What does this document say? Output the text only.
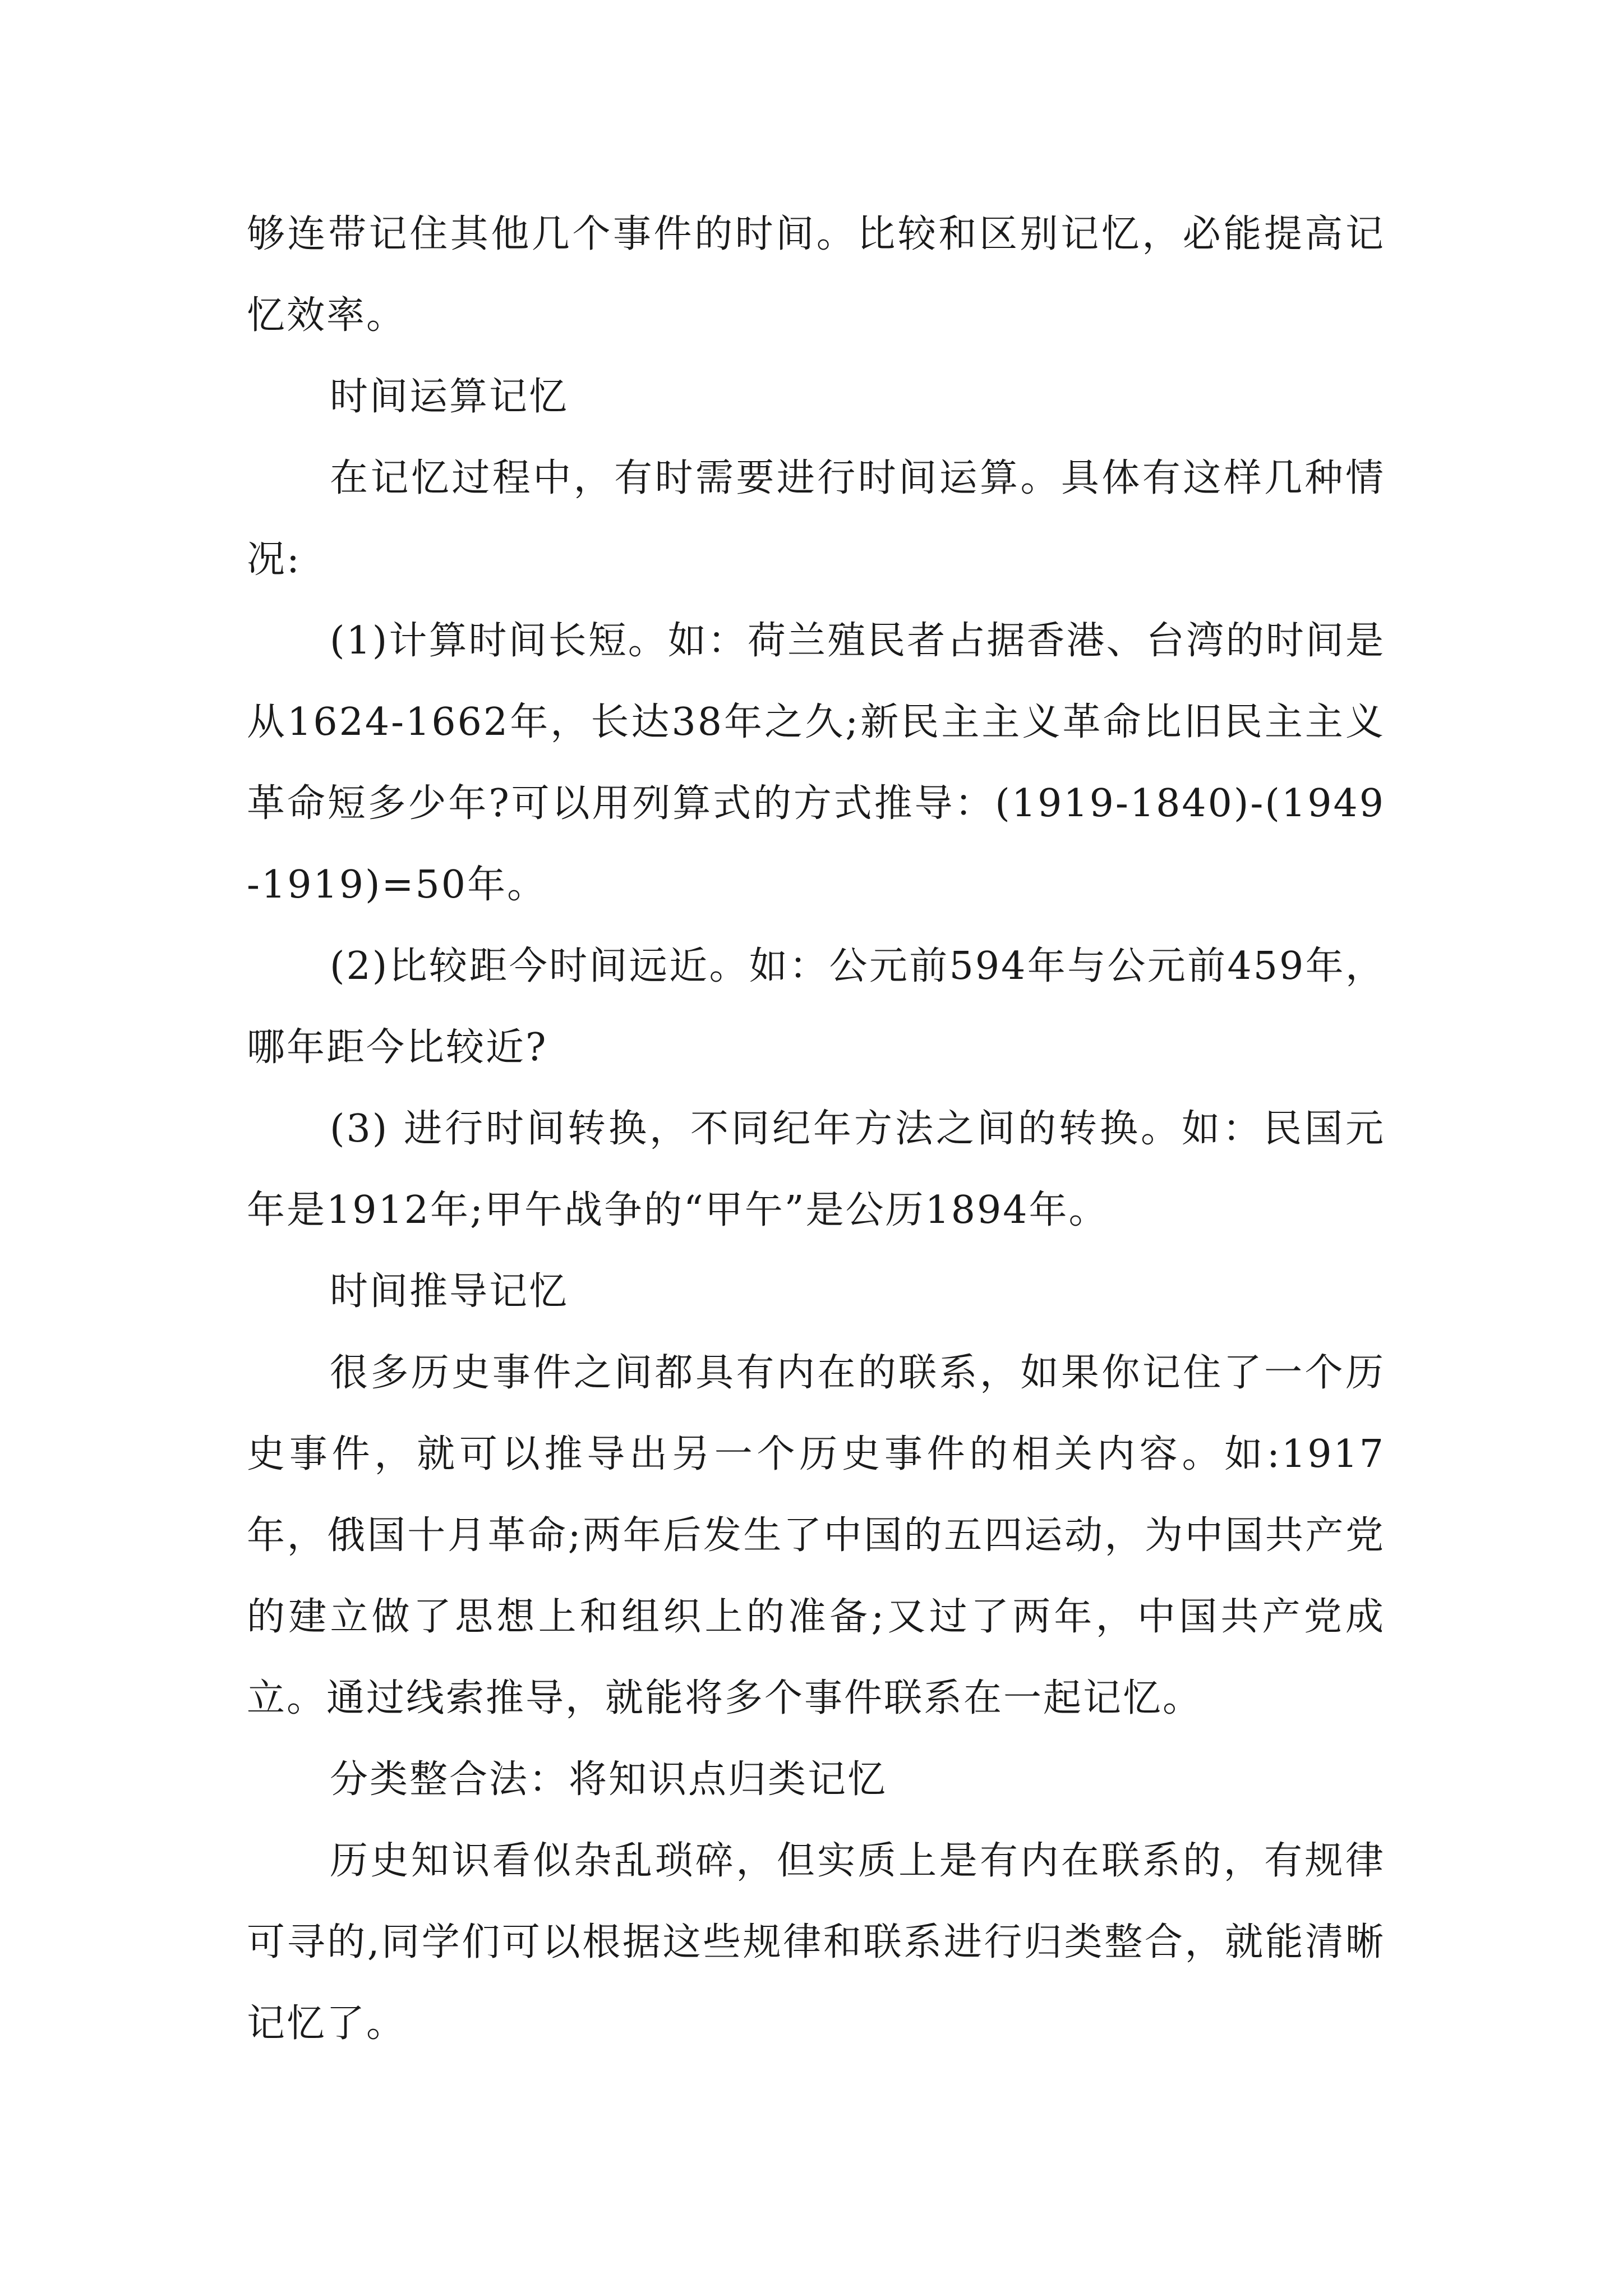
够连带记住其他几个事件的时间。比较和区别记忆，必能提高记忆效率。

时间运算记忆

在记忆过程中，有时需要进行时间运算。具体有这样几种情况:

(1)计算时间长短。如：荷兰殖民者占据香港、台湾的时间是从1624-1662年，长达38年之久;新民主主义革命比旧民主主义革命短多少年?可以用列算式的方式推导：(1919-1840)-(1949-1919)=50年。

(2)比较距今时间远近。如：公元前594年与公元前459年，哪年距今比较近?

(3) 进行时间转换，不同纪年方法之间的转换。如：民国元年是1912年;甲午战争的“甲午”是公历1894年。

时间推导记忆

很多历史事件之间都具有内在的联系，如果你记住了一个历史事件，就可以推导出另一个历史事件的相关内容。如:1917年，俄国十月革命;两年后发生了中国的五四运动，为中国共产党的建立做了思想上和组织上的准备;又过了两年，中国共产党成立。通过线索推导，就能将多个事件联系在一起记忆。

分类整合法：将知识点归类记忆

历史知识看似杂乱琐碎，但实质上是有内在联系的，有规律可寻的,同学们可以根据这些规律和联系进行归类整合，就能清晰记忆了。
